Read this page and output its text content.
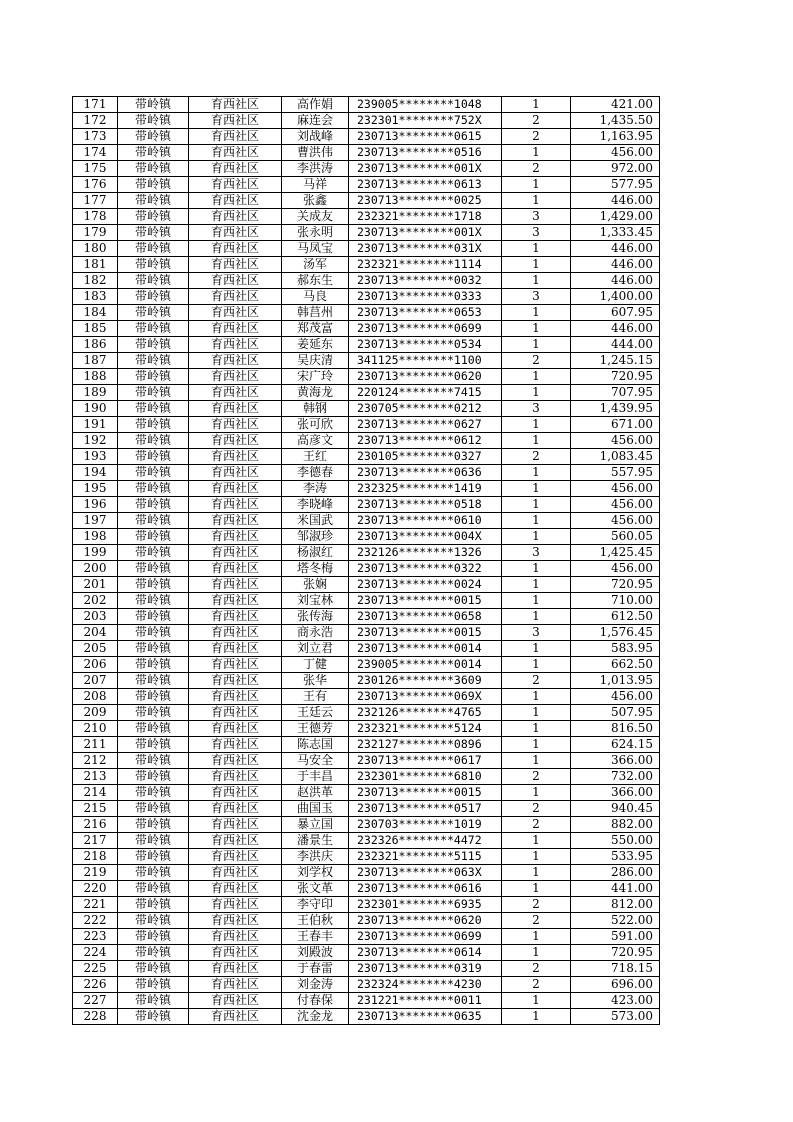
171	带岭镇	育西社区	高作娟	239005********1048	1	421.00
172	带岭镇	育西社区	麻连会	232301********752X	2	1,435.50
173	带岭镇	育西社区	刘战峰	230713********0615	2	1,163.95
174	带岭镇	育西社区	曹洪伟	230713********0516	1	456.00
175	带岭镇	育西社区	李洪涛	230713********001X	2	972.00
176	带岭镇	育西社区	马祥	230713********0613	1	577.95
177	带岭镇	育西社区	张鑫	230713********0025	1	446.00
178	带岭镇	育西社区	关成友	232321********1718	3	1,429.00
179	带岭镇	育西社区	张永明	230713********001X	3	1,333.45
180	带岭镇	育西社区	马凤宝	230713********031X	1	446.00
181	带岭镇	育西社区	汤军	232321********1114	1	446.00
182	带岭镇	育西社区	郝东生	230713********0032	1	446.00
183	带岭镇	育西社区	马良	230713********0333	3	1,400.00
184	带岭镇	育西社区	韩莒州	230713********0653	1	607.95
185	带岭镇	育西社区	郑茂富	230713********0699	1	446.00
186	带岭镇	育西社区	姜延东	230713********0534	1	444.00
187	带岭镇	育西社区	吴庆清	341125********1100	2	1,245.15
188	带岭镇	育西社区	宋广玲	230713********0620	1	720.95
189	带岭镇	育西社区	黄海龙	220124********7415	1	707.95
190	带岭镇	育西社区	韩钢	230705********0212	3	1,439.95
191	带岭镇	育西社区	张可欣	230713********0627	1	671.00
192	带岭镇	育西社区	高彦文	230713********0612	1	456.00
193	带岭镇	育西社区	王红	230105********0327	2	1,083.45
194	带岭镇	育西社区	李德春	230713********0636	1	557.95
195	带岭镇	育西社区	李涛	232325********1419	1	456.00
196	带岭镇	育西社区	李晓峰	230713********0518	1	456.00
197	带岭镇	育西社区	米国武	230713********0610	1	456.00
198	带岭镇	育西社区	邹淑珍	230713********004X	1	560.05
199	带岭镇	育西社区	杨淑红	232126********1326	3	1,425.45
200	带岭镇	育西社区	塔冬梅	230713********0322	1	456.00
201	带岭镇	育西社区	张娴	230713********0024	1	720.95
202	带岭镇	育西社区	刘宝林	230713********0015	1	710.00
203	带岭镇	育西社区	张传海	230713********0658	1	612.50
204	带岭镇	育西社区	商永浩	230713********0015	3	1,576.45
205	带岭镇	育西社区	刘立君	230713********0014	1	583.95
206	带岭镇	育西社区	丁健	239005********0014	1	662.50
207	带岭镇	育西社区	张华	230126********3609	2	1,013.95
208	带岭镇	育西社区	王有	230713********069X	1	456.00
209	带岭镇	育西社区	王廷云	232126********4765	1	507.95
210	带岭镇	育西社区	王德芳	232321********5124	1	816.50
211	带岭镇	育西社区	陈志国	232127********0896	1	624.15
212	带岭镇	育西社区	马安全	230713********0617	1	366.00
213	带岭镇	育西社区	于丰昌	232301********6810	2	732.00
214	带岭镇	育西社区	赵洪革	230713********0015	1	366.00
215	带岭镇	育西社区	曲国玉	230713********0517	2	940.45
216	带岭镇	育西社区	暴立国	230703********1019	2	882.00
217	带岭镇	育西社区	潘景生	232326********4472	1	550.00
218	带岭镇	育西社区	李洪庆	232321********5115	1	533.95
219	带岭镇	育西社区	刘学权	230713********063X	1	286.00
220	带岭镇	育西社区	张文革	230713********0616	1	441.00
221	带岭镇	育西社区	李守印	232301********6935	2	812.00
222	带岭镇	育西社区	王伯秋	230713********0620	2	522.00
223	带岭镇	育西社区	王春丰	230713********0699	1	591.00
224	带岭镇	育西社区	刘殿波	230713********0614	1	720.95
225	带岭镇	育西社区	于春雷	230713********0319	2	718.15
226	带岭镇	育西社区	刘金涛	232324********4230	2	696.00
227	带岭镇	育西社区	付春保	231221********0011	1	423.00
228	带岭镇	育西社区	沈金龙	230713********0635	1	573.00
